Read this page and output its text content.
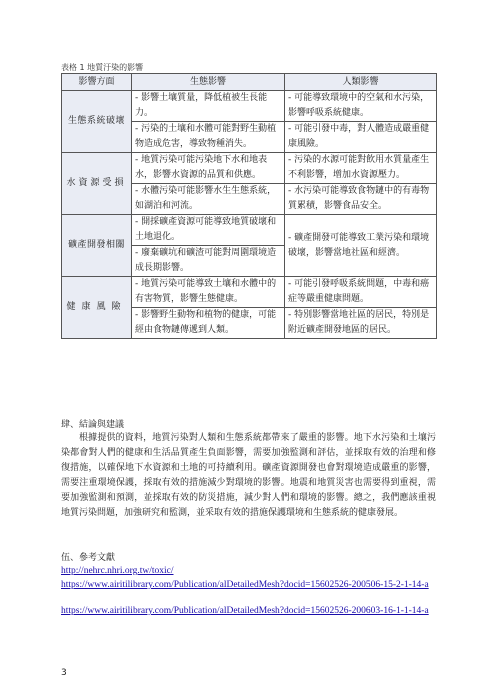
表格 1 地質汙染的影響
影響方面	生態影響	人類影響
生態系統破壞	- 影響土壤質量，降低植被生長能力。	- 可能導致環境中的空氣和水污染，影響呼吸系統健康。
	- 污染的土壤和水體可能對野生動植物造成危害，導致物種消失。	- 可能引發中毒，對人體造成嚴重健康風險。
水資源受損	- 地質污染可能污染地下水和地表水，影響水資源的品質和供應。	- 污染的水源可能對飲用水質量產生不利影響，增加水資源壓力。
	- 水體污染可能影響水生生態系統，如湖泊和河流。	- 水污染可能導致食物鏈中的有毒物質累積，影響食品安全。
礦產開發相關	- 開採礦產資源可能導致地質破壞和土地退化。	- 礦產開發可能導致工業污染和環境破壞，影響當地社區和經濟。
	- 廢棄礦坑和礦渣可能對周圍環境造成長期影響。	
健康風險	- 地質污染可能導致土壤和水體中的有害物質，影響生態健康。	- 可能引發呼吸系統問題，中毒和癌症等嚴重健康問題。
	- 影響野生動物和植物的健康，可能經由食物鏈傳遞到人類。	- 特別影響當地社區的居民，特別是附近礦產開發地區的居民。
肆、結論與建議

根據提供的資料，地質污染對人類和生態系統都帶來了嚴重的影響。地下水污染和土壤污染都會對人們的健康和生活品質產生負面影響，需要加強監測和評估，並採取有效的治理和修復措施，以確保地下水資源和土地的可持續利用。礦產資源開發也會對環境造成嚴重的影響，需要注重環境保護，採取有效的措施減少對環境的影響。地震和地質災害也需要得到重視，需要加強監測和預測，並採取有效的防災措施，減少對人們和環境的影響。總之，我們應該重視地質污染問題，加強研究和監測，並采取有效的措施保護環境和生態系統的健康發展。

伍、參考文獻
http://nehrc.nhri.org.tw/toxic/
https://www.airitilibrary.com/Publication/alDetailedMesh?docid=15602526-200506-15-2-1-14-a
https://www.airitilibrary.com/Publication/alDetailedMesh?docid=15602526-200603-16-1-1-14-a
3
